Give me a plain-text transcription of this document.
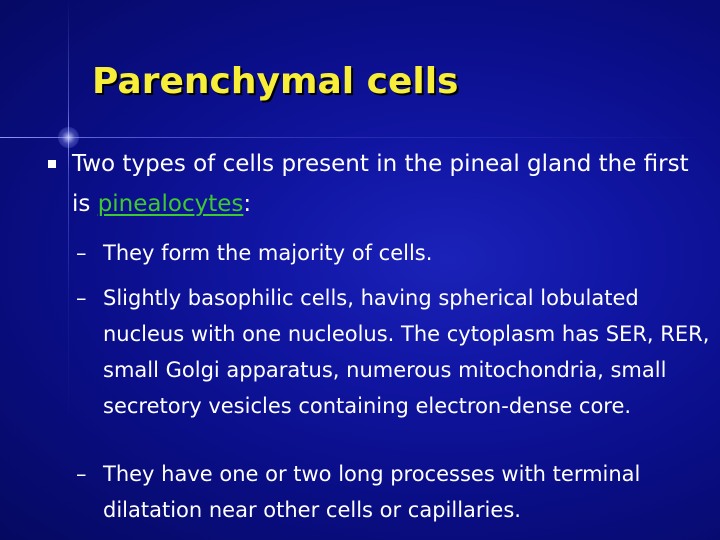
Parenchymal cells

Two types of cells present in the pineal gland the first is pinealocytes:

– They form the majority of cells.

– Slightly basophilic cells, having spherical lobulated nucleus with one nucleolus. The cytoplasm has SER, RER, small Golgi apparatus, numerous mitochondria, small secretory vesicles containing electron-dense core.

– They have one or two long processes with terminal dilatation near other cells or capillaries.
